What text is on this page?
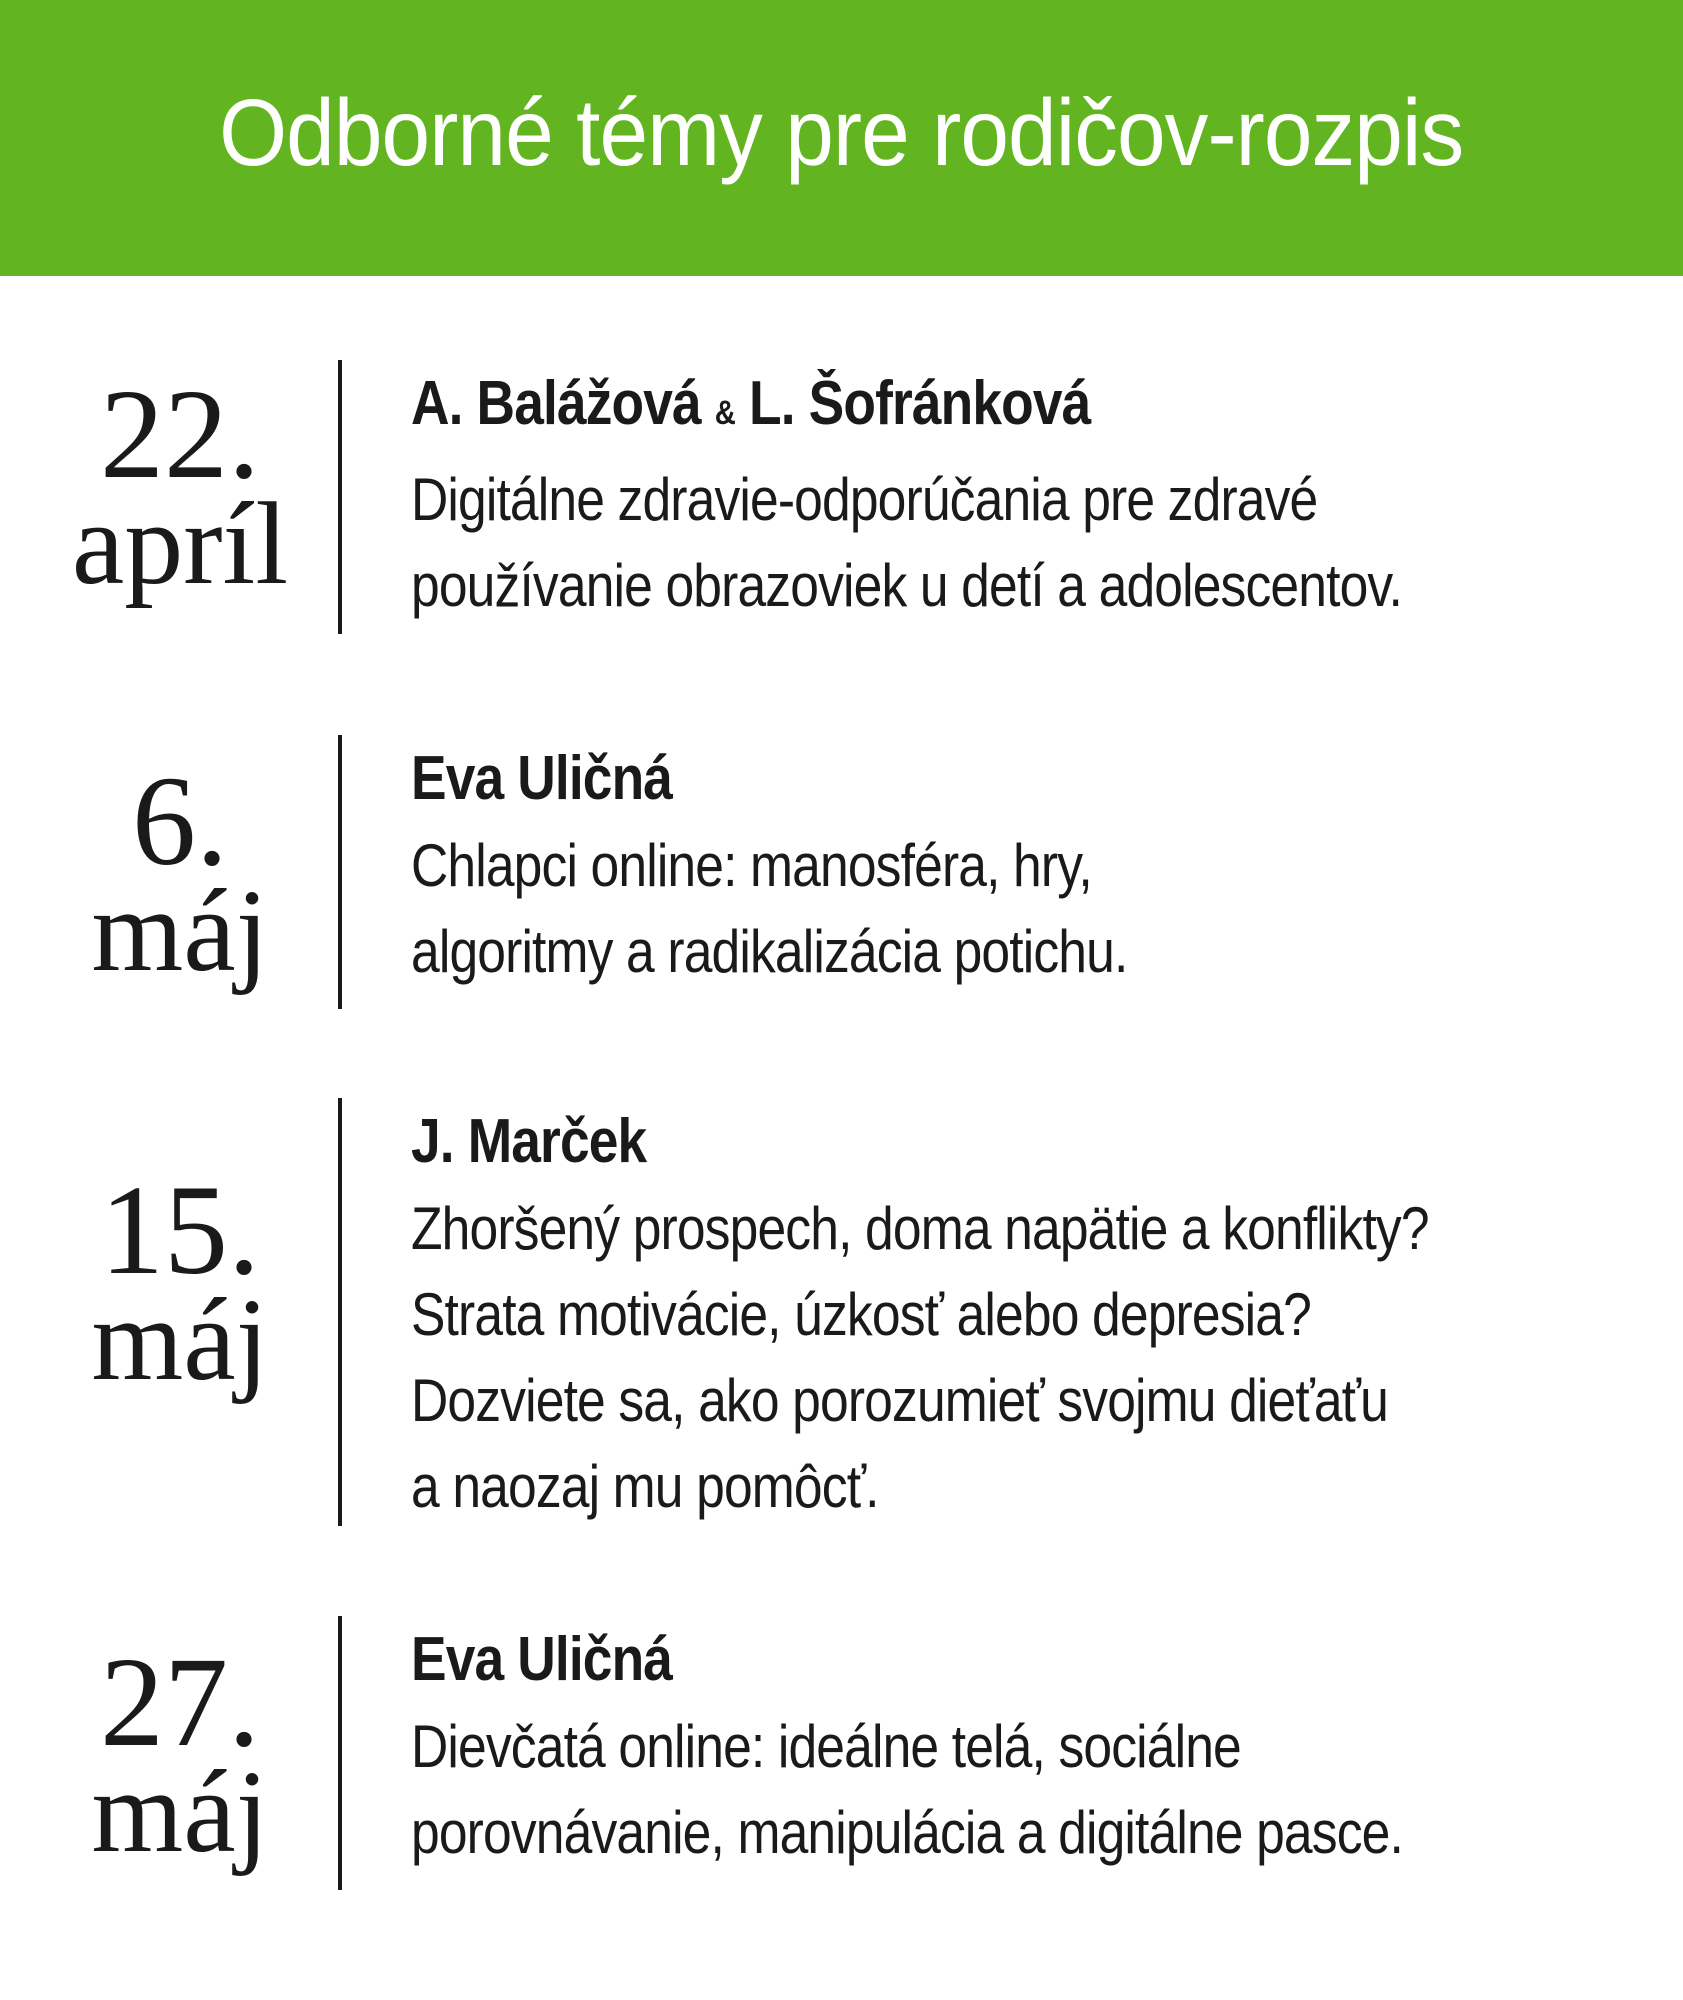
Odborné témy pre rodičov-rozpis
22.
apríl
A. Balážová & L. Šofránková
Digitálne zdravie-odporúčania pre zdravé
používanie obrazoviek u detí a adolescentov.
6.
máj
Eva Uličná
Chlapci online: manosféra, hry,
algoritmy a radikalizácia potichu.
15.
máj
J. Marček
Zhoršený prospech, doma napätie a konflikty?
Strata motivácie, úzkosť alebo depresia?
Dozviete sa, ako porozumieť svojmu dieťaťu
a naozaj mu pomôcť.
27.
máj
Eva Uličná
Dievčatá online: ideálne telá, sociálne
porovnávanie, manipulácia a digitálne pasce.
